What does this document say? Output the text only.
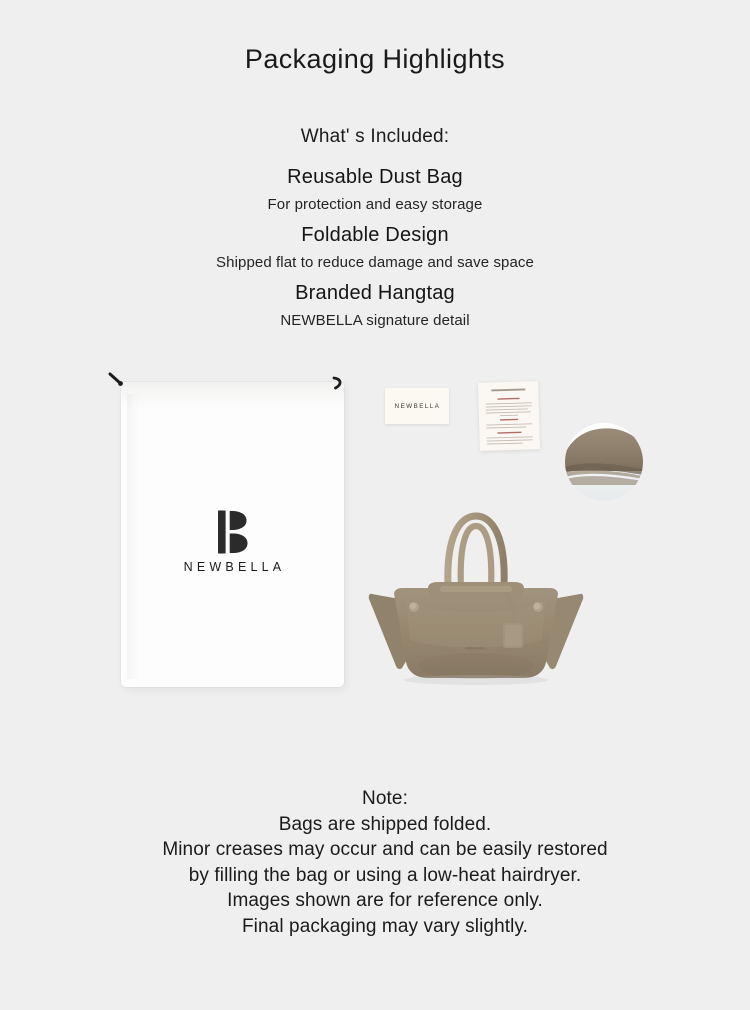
Packaging Highlights
What' s Included:
Reusable Dust Bag
For protection and easy storage
Foldable Design
Shipped flat to reduce damage and save space
Branded Hangtag
NEWBELLA signature detail
NEWBELLA
NEWBELLA
Note:
Bags are shipped folded.
Minor creases may occur and can be easily restored
by filling the bag or using a low-heat hairdryer.
Images shown are for reference only.
Final packaging may vary slightly.
